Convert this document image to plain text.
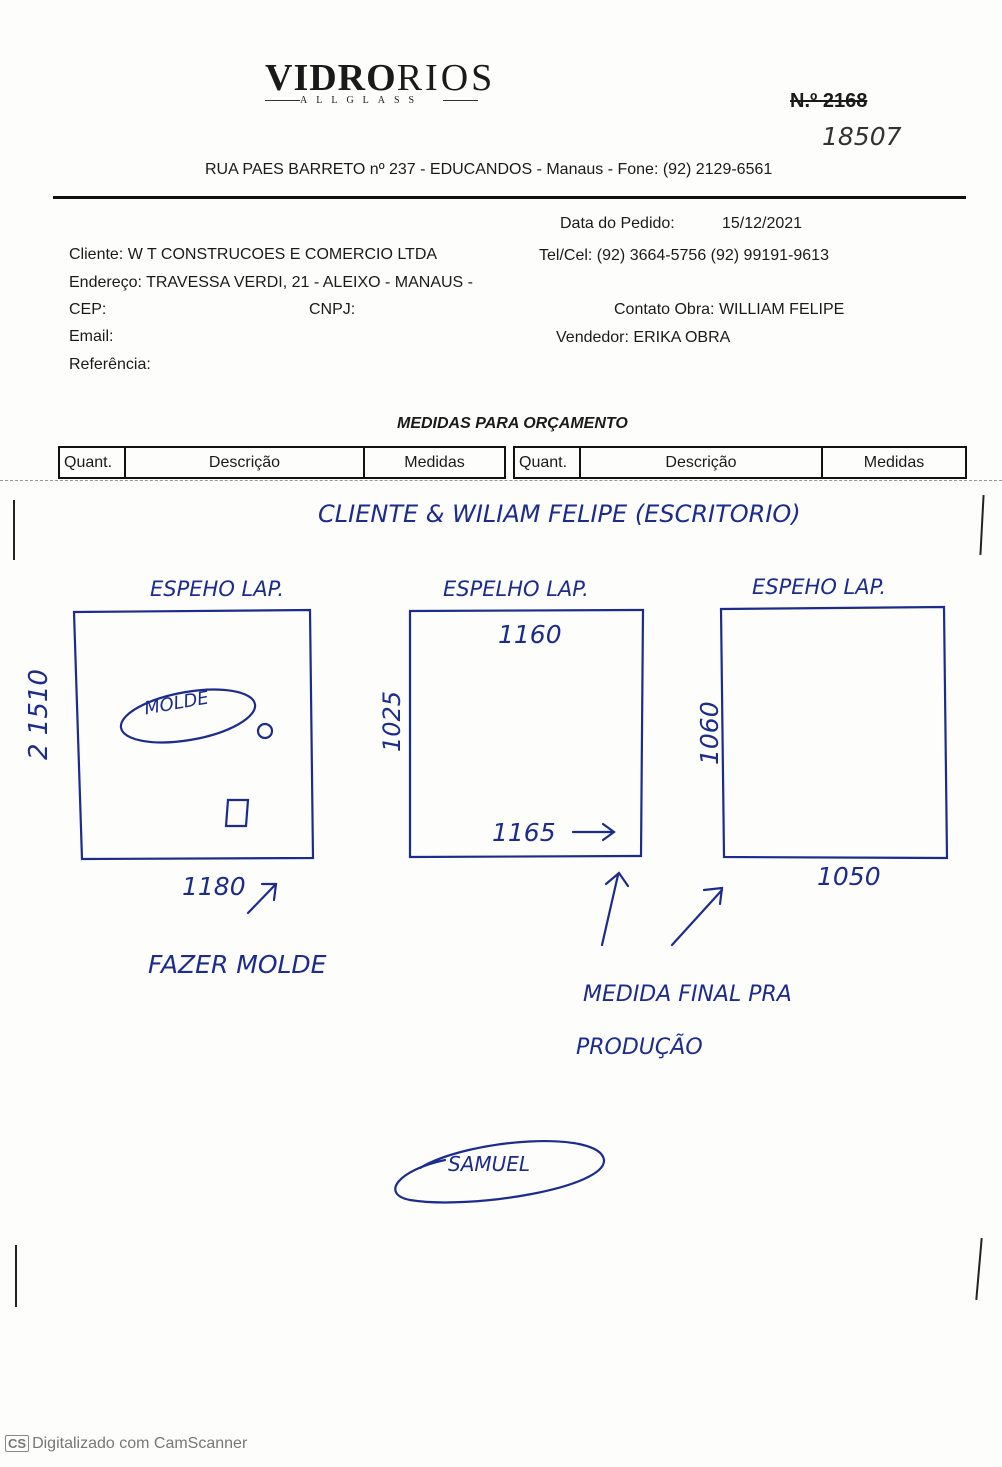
VIDRORIOS
ALLGLASS	N.º 2168
18507
RUA PAES BARRETO nº 237 - EDUCANDOS - Manaus - Fone: (92) 2129-6561
Data do Pedido:	15/12/2021
Cliente: W T CONSTRUCOES E COMERCIO LTDA	Tel/Cel: (92) 3664-5756 (92) 99191-9613
Endereço: TRAVESSA VERDI, 21 - ALEIXO - MANAUS -
CEP:	CNPJ:	Contato Obra: WILLIAM FELIPE
Email:	Vendedor: ERIKA OBRA
Referência:
MEDIDAS PARA ORÇAMENTO
Quant.	Descrição	Medidas	Quant.	Descrição	Medidas
CLIENTE & WILIAM FELIPE (ESCRITORIO)
ESPEHO LAP.
2 1510	MOLDE
1180
ESPELHO LAP.
1160
1025
1165
ESPEHO LAP.
1060
1050
FAZER MOLDE
MEDIDA FINAL PRA
PRODUÇÃO
SAMUEL
CS Digitalizado com CamScanner
